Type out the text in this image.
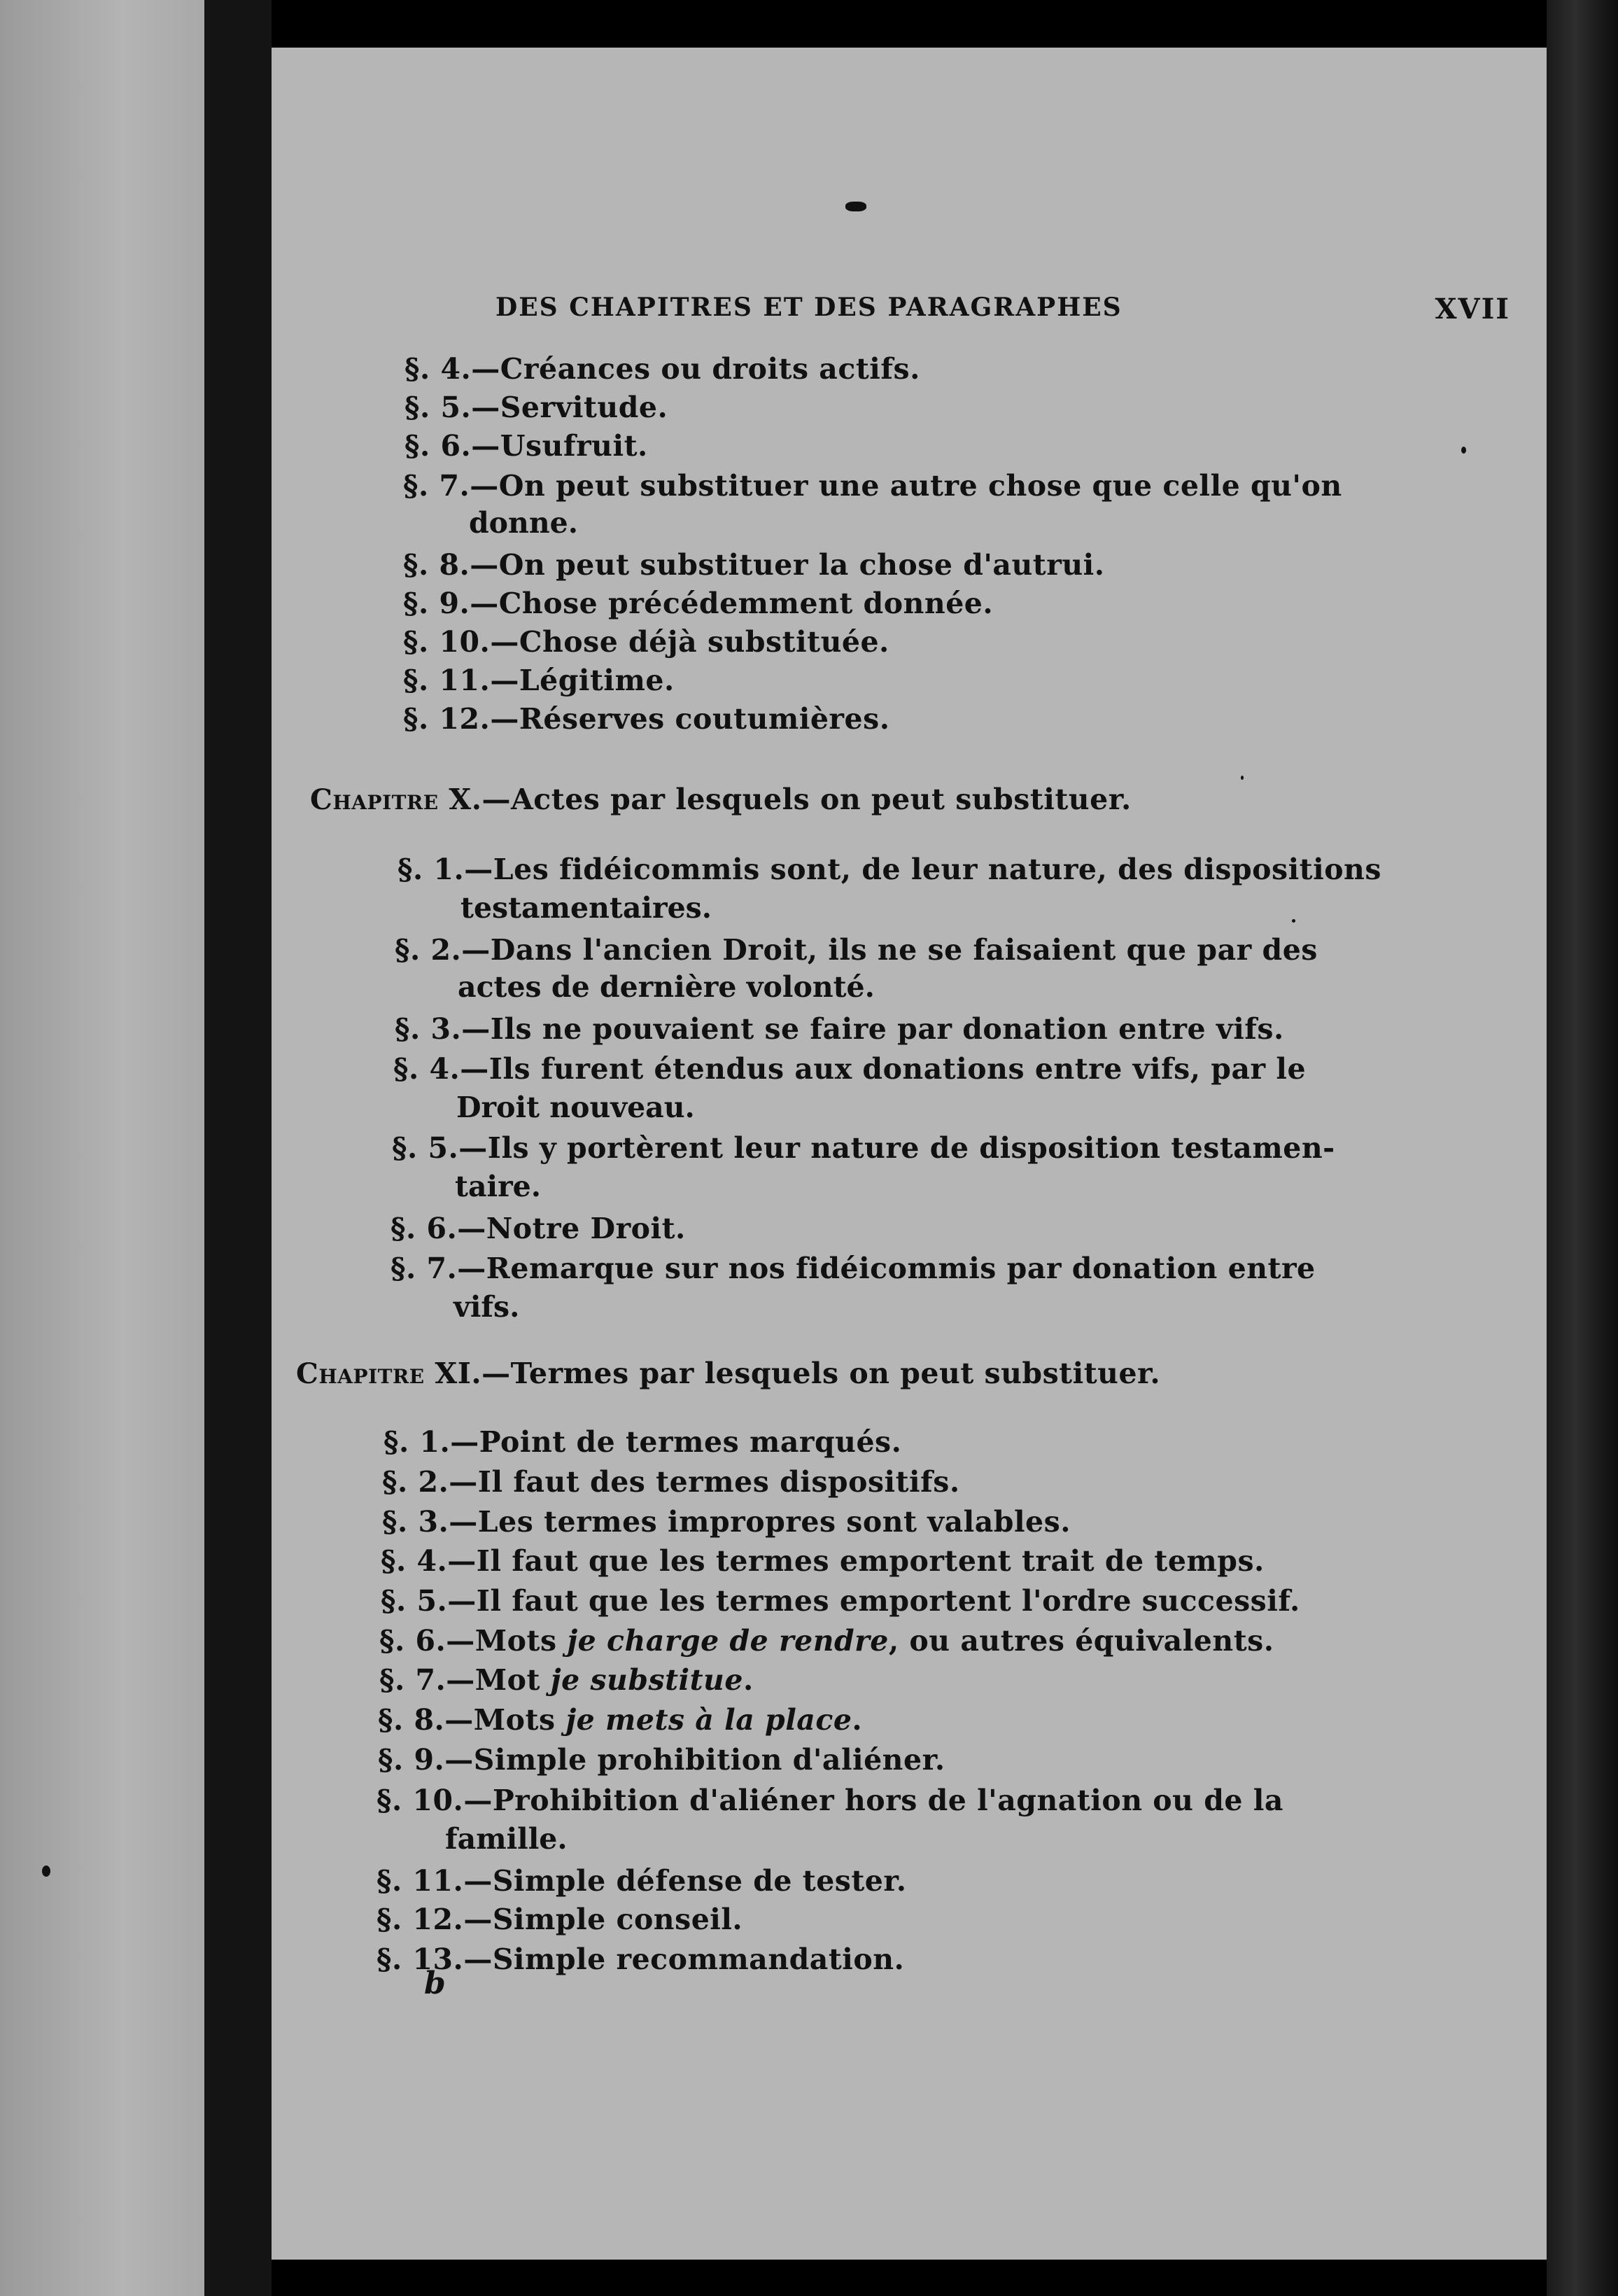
DES CHAPITRES ET DES PARAGRAPHES	XVII
§. 4.—Créances ou droits actifs.
§. 5.—Servitude.
§. 6.—Usufruit.
§. 7.—On peut substituer une autre chose que celle qu'on
donne.
§. 8.—On peut substituer la chose d'autrui.
§. 9.—Chose précédemment donnée.
§. 10.—Chose déjà substituée.
§. 11.—Légitime.
§. 12.—Réserves coutumières.
Chapitre X.—Actes par lesquels on peut substituer.
§. 1.—Les fidéicommis sont, de leur nature, des dispositions
testamentaires.
§. 2.—Dans l'ancien Droit, ils ne se faisaient que par des
actes de dernière volonté.
§. 3.—Ils ne pouvaient se faire par donation entre vifs.
§. 4.—Ils furent étendus aux donations entre vifs, par le
Droit nouveau.
§. 5.—Ils y portèrent leur nature de disposition testamen-
taire.
§. 6.—Notre Droit.
§. 7.—Remarque sur nos fidéicommis par donation entre
vifs.
Chapitre XI.—Termes par lesquels on peut substituer.
§. 1.—Point de termes marqués.
§. 2.—Il faut des termes dispositifs.
§. 3.—Les termes impropres sont valables.
§. 4.—Il faut que les termes emportent trait de temps.
§. 5.—Il faut que les termes emportent l'ordre successif.
§. 6.—Mots je charge de rendre, ou autres équivalents.
§. 7.—Mot je substitue.
§. 8.—Mots je mets à la place.
§. 9.—Simple prohibition d'aliéner.
§. 10.—Prohibition d'aliéner hors de l'agnation ou de la
famille.
§. 11.—Simple défense de tester.
§. 12.—Simple conseil.
§. 13.—Simple recommandation.
b
